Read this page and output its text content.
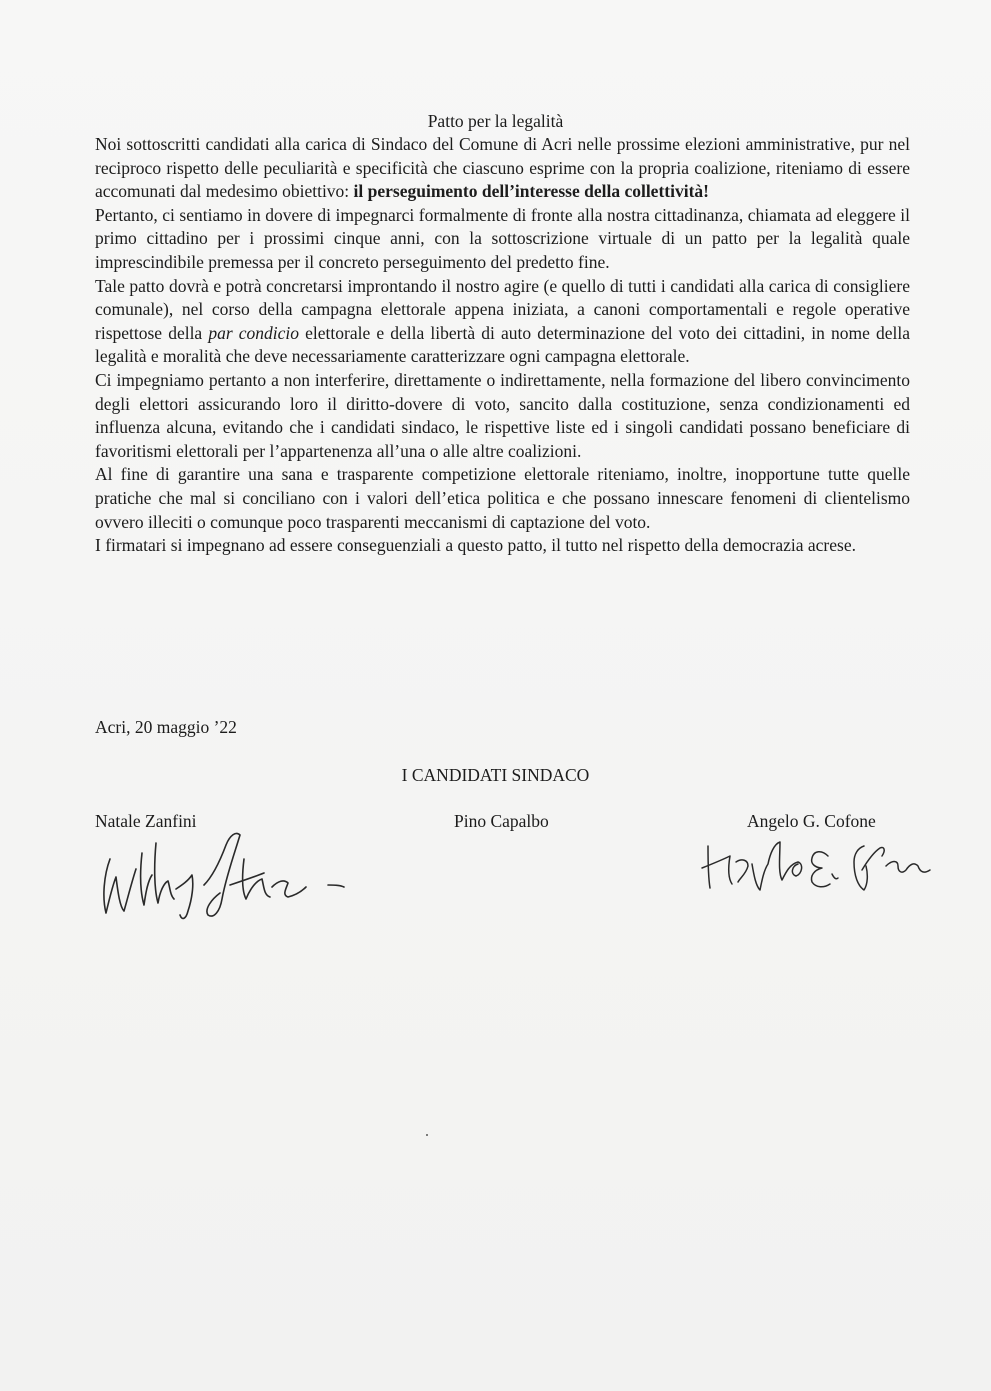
Patto per la legalità

Noi sottoscritti candidati alla carica di Sindaco del Comune di Acri nelle prossime elezioni amministrative, pur nel reciproco rispetto delle peculiarità e specificità che ciascuno esprime con la propria coalizione, riteniamo di essere accomunati dal medesimo obiettivo: il perseguimento dell’interesse della collettività!

Pertanto, ci sentiamo in dovere di impegnarci formalmente di fronte alla nostra cittadinanza, chiamata ad eleggere il primo cittadino per i prossimi cinque anni, con la sottoscrizione virtuale di un patto per la legalità quale imprescindibile premessa per il concreto perseguimento del predetto fine.

Tale patto dovrà e potrà concretarsi improntando il nostro agire (e quello di tutti i candidati alla carica di consigliere comunale), nel corso della campagna elettorale appena iniziata, a canoni comportamentali e regole operative rispettose della par condicio elettorale e della libertà di auto determinazione del voto dei cittadini, in nome della legalità e moralità che deve necessariamente caratterizzare ogni campagna elettorale.

Ci impegniamo pertanto a non interferire, direttamente o indirettamente, nella formazione del libero convincimento degli elettori assicurando loro il diritto-dovere di voto, sancito dalla costituzione, senza condizionamenti ed influenza alcuna, evitando che i candidati sindaco, le rispettive liste ed i singoli candidati possano beneficiare di favoritismi elettorali per l’appartenenza all’una o alle altre coalizioni.

Al fine di garantire una sana e trasparente competizione elettorale riteniamo, inoltre, inopportune tutte quelle pratiche che mal si conciliano con i valori dell’etica politica e che possano innescare fenomeni di clientelismo ovvero illeciti o comunque poco trasparenti meccanismi di captazione del voto.

I firmatari si impegnano ad essere conseguenziali a questo patto, il tutto nel rispetto della democrazia acrese.

Acri, 20 maggio ’22
I CANDIDATI SINDACO
Natale Zanfini	Pino Capalbo	Angelo G. Cofone
